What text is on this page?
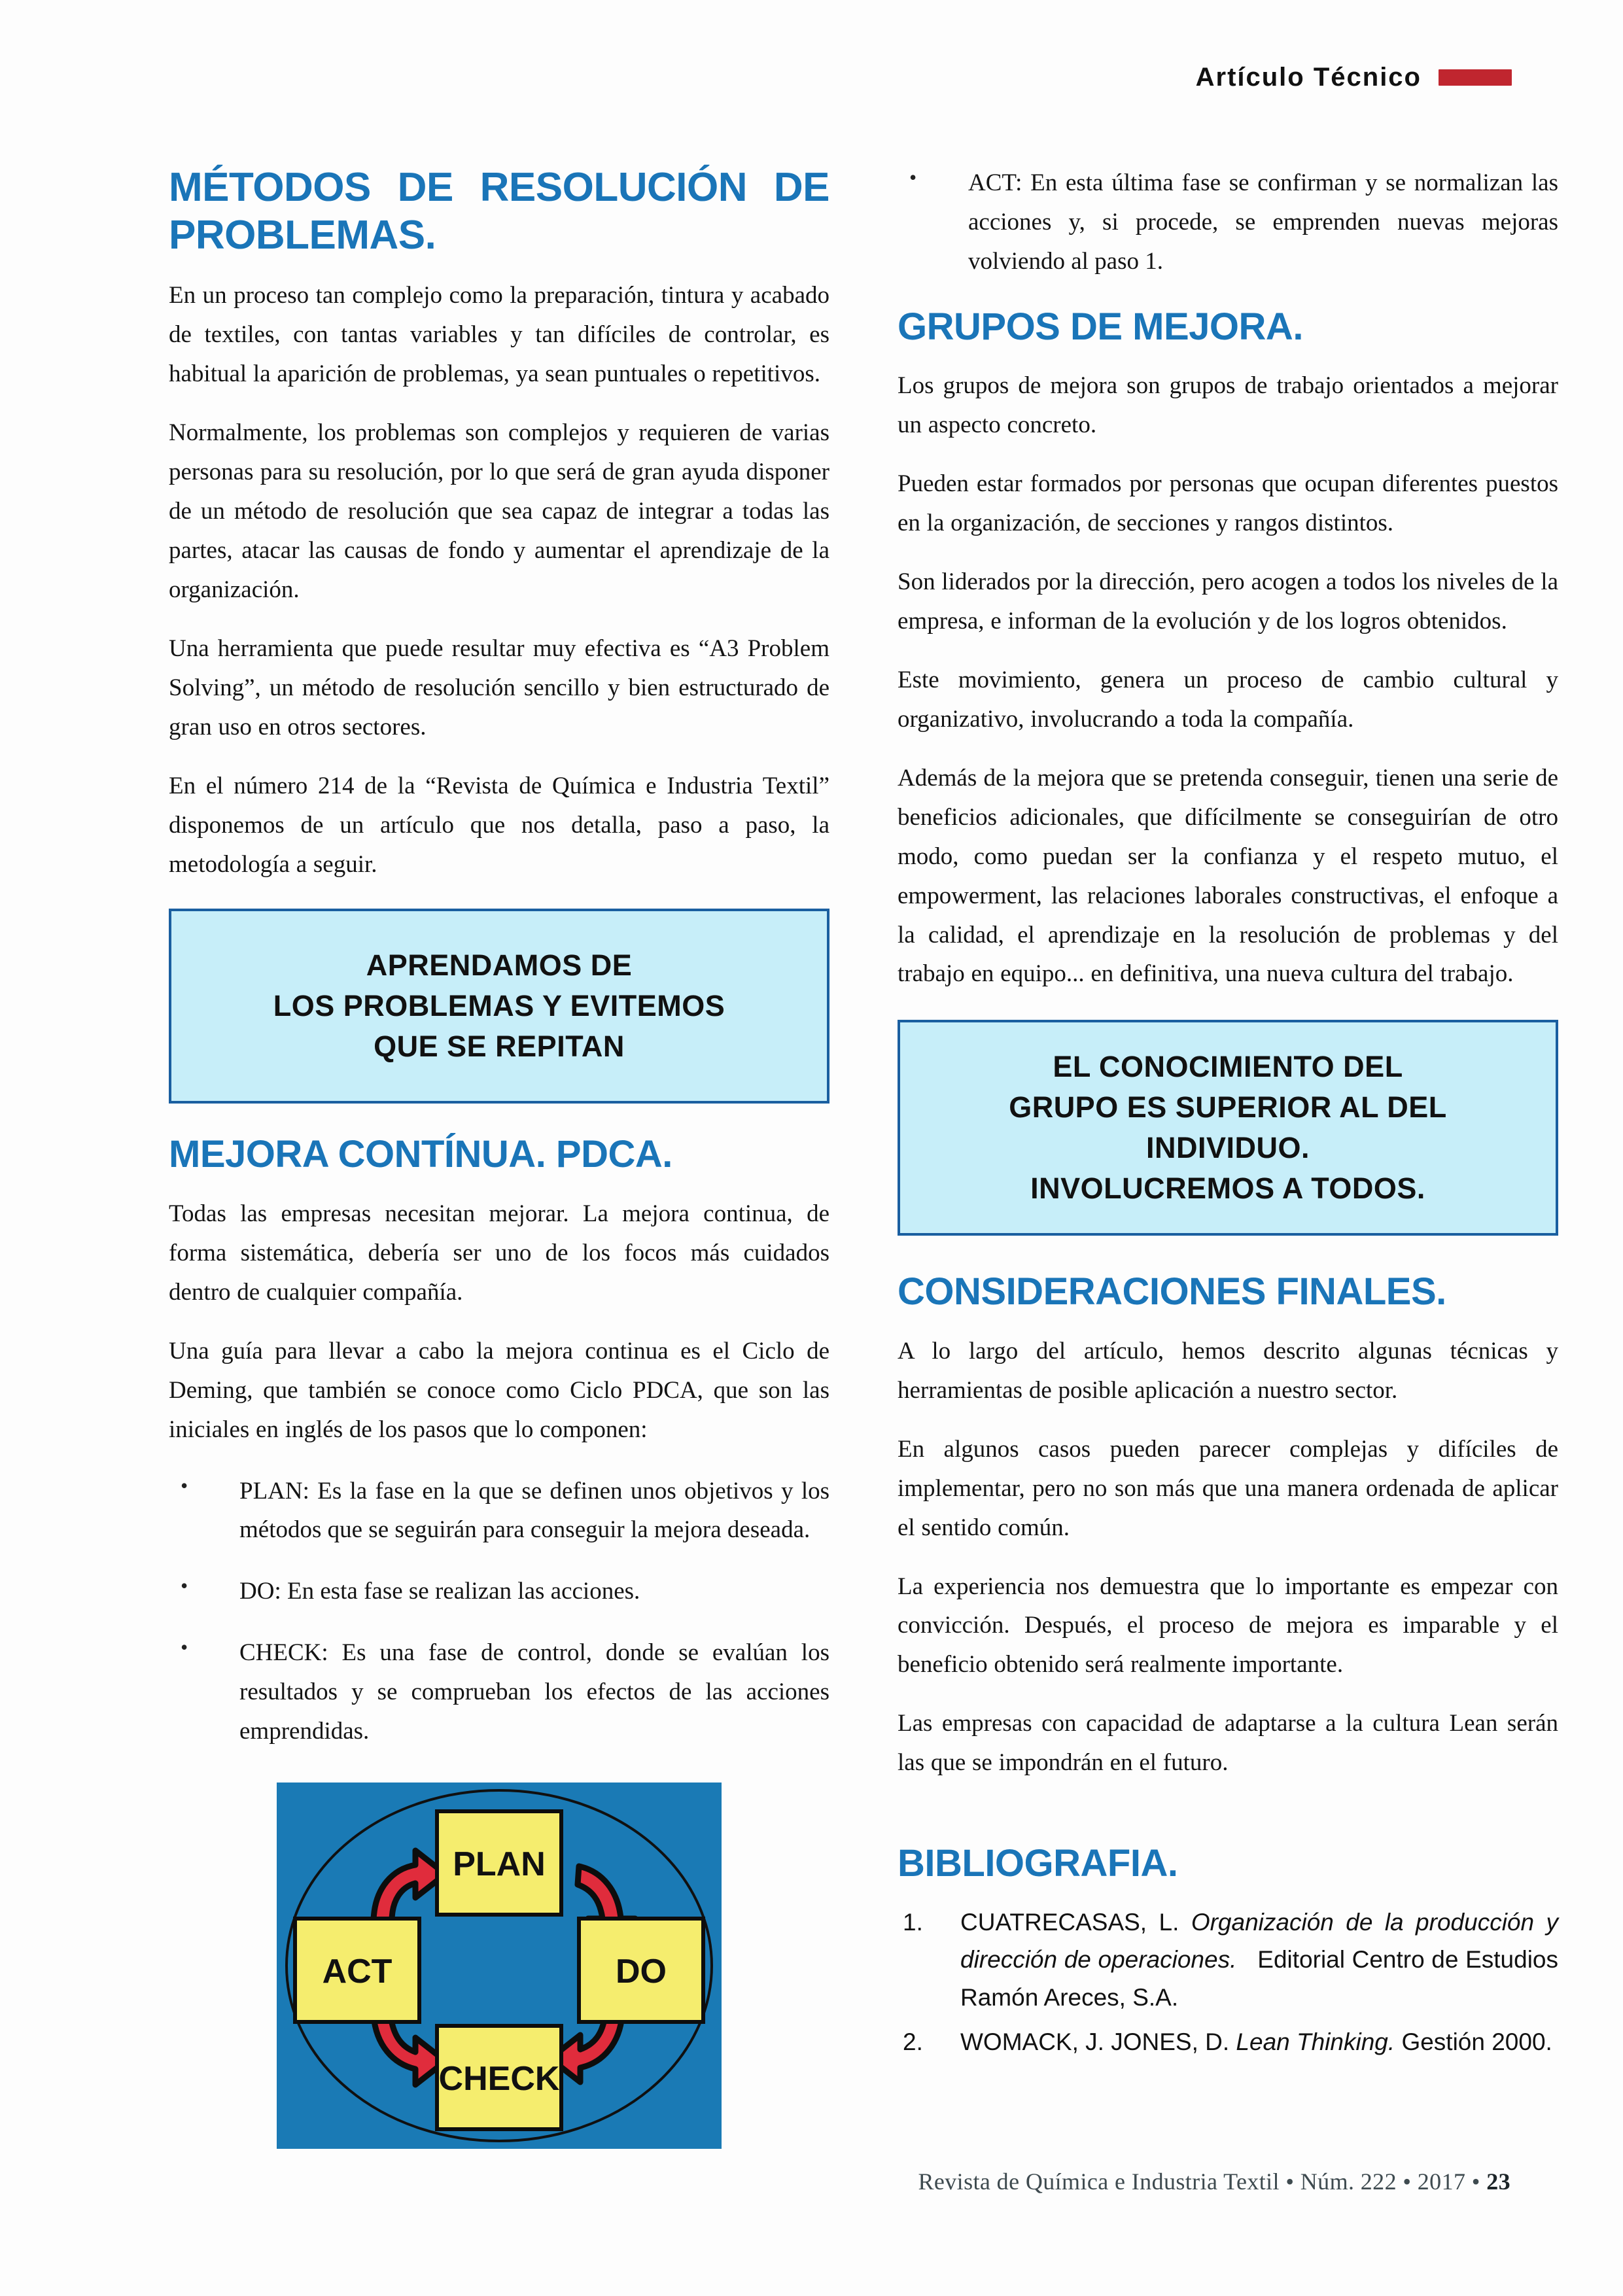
Artículo Técnico
MÉTODOS DE RESOLUCIÓN DE PROBLEMAS.

En un proceso tan complejo como la preparación, tintura y acabado de textiles, con tantas variables y tan difíciles de controlar, es habitual la aparición de problemas, ya sean puntuales o repetitivos.

Normalmente, los problemas son complejos y requieren de varias personas para su resolución, por lo que será de gran ayuda disponer de un método de resolución que sea capaz de integrar a todas las partes, atacar las causas de fondo y aumentar el aprendizaje de la organización.

Una herramienta que puede resultar muy efectiva es “A3 Problem Solving”, un método de resolución sencillo y bien estructurado de gran uso en otros sectores.

En el número 214 de la “Revista de Química e Industria Textil” disponemos de un artículo que nos detalla, paso a paso, la metodología a seguir.

APRENDAMOS DE
LOS PROBLEMAS Y EVITEMOS
QUE SE REPITAN
MEJORA CONTÍNUA. PDCA.

Todas las empresas necesitan mejorar. La mejora continua, de forma sistemática, debería ser uno de los focos más cuidados dentro de cualquier compañía.

Una guía para llevar a cabo la mejora continua es el Ciclo de Deming, que también se conoce como Ciclo PDCA, que son las iniciales en inglés de los pasos que lo componen:

• PLAN: Es la fase en la que se definen unos objetivos y los métodos que se seguirán para conseguir la mejora deseada.
• DO: En esta fase se realizan las acciones.
• CHECK: Es una fase de control, donde se evalúan los resultados y se comprueban los efectos de las acciones emprendidas.
PLAN
DO
CHECK
ACT
• ACT: En esta última fase se confirman y se normalizan las acciones y, si procede, se emprenden nuevas mejoras volviendo al paso 1.
GRUPOS DE MEJORA.

Los grupos de mejora son grupos de trabajo orientados a mejorar un aspecto concreto.

Pueden estar formados por personas que ocupan diferentes puestos en la organización, de secciones y rangos distintos.

Son liderados por la dirección, pero acogen a todos los niveles de la empresa, e informan de la evolución y de los logros obtenidos.

Este movimiento, genera un proceso de cambio cultural y organizativo, involucrando a toda la compañía.

Además de la mejora que se pretenda conseguir, tienen una serie de beneficios adicionales, que difícilmente se conseguirían de otro modo, como puedan ser la confianza y el respeto mutuo, el empowerment, las relaciones laborales constructivas, el enfoque a la calidad, el aprendizaje en la resolución de problemas y del trabajo en equipo... en definitiva, una nueva cultura del trabajo.

EL CONOCIMIENTO DEL
GRUPO ES SUPERIOR AL DEL
INDIVIDUO.
INVOLUCREMOS A TODOS.
CONSIDERACIONES FINALES.

A lo largo del artículo, hemos descrito algunas técnicas y herramientas de posible aplicación a nuestro sector.

En algunos casos pueden parecer complejas y difíciles de implementar, pero no son más que una manera ordenada de aplicar el sentido común.

La experiencia nos demuestra que lo importante es empezar con convicción. Después, el proceso de mejora es imparable y el beneficio obtenido será realmente importante.

Las empresas con capacidad de adaptarse a la cultura Lean serán las que se impondrán en el futuro.

BIBLIOGRAFIA.
1. CUATRECASAS, L. Organización de la producción y dirección de operaciones. Editorial Centro de Estudios Ramón Areces, S.A.
2. WOMACK, J. JONES, D. Lean Thinking. Gestión 2000.
Revista de Química e Industria Textil • Núm. 222 • 2017 • 23
